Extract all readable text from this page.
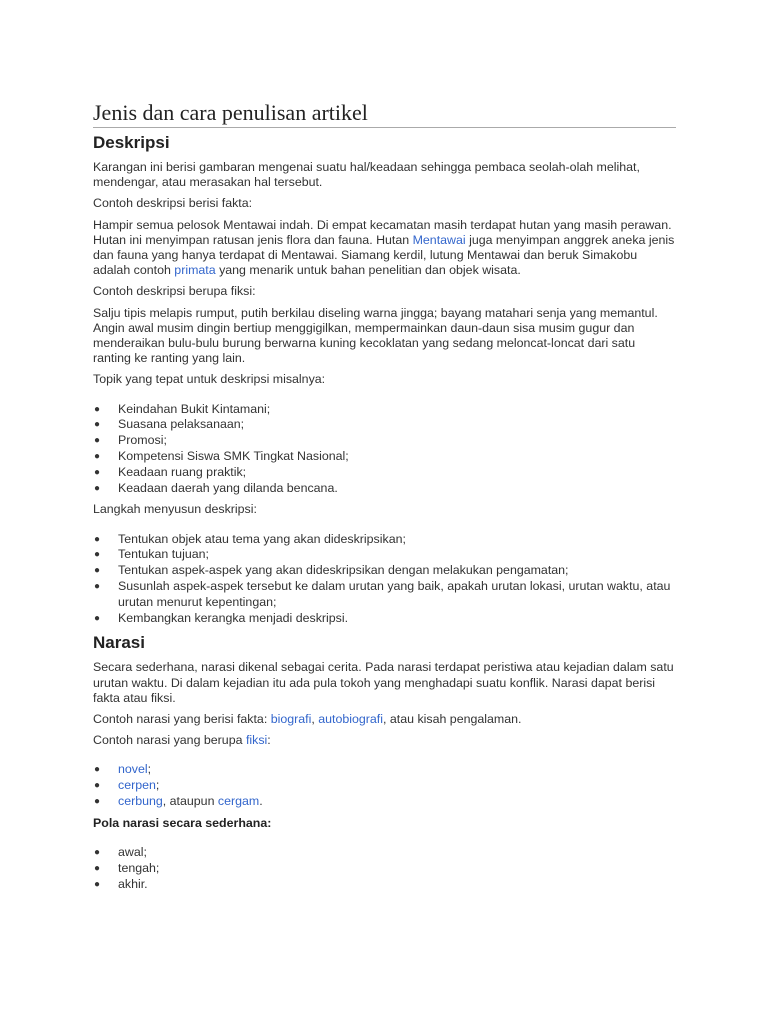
Jenis dan cara penulisan artikel
Deskripsi

Karangan ini berisi gambaran mengenai suatu hal/keadaan sehingga pembaca seolah-olah melihat, mendengar, atau merasakan hal tersebut.

Contoh deskripsi berisi fakta:

Hampir semua pelosok Mentawai indah. Di empat kecamatan masih terdapat hutan yang masih perawan. Hutan ini menyimpan ratusan jenis flora dan fauna. Hutan Mentawai juga menyimpan anggrek aneka jenis dan fauna yang hanya terdapat di Mentawai. Siamang kerdil, lutung Mentawai dan beruk Simakobu adalah contoh primata yang menarik untuk bahan penelitian dan objek wisata.

Contoh deskripsi berupa fiksi:

Salju tipis melapis rumput, putih berkilau diseling warna jingga; bayang matahari senja yang memantul. Angin awal musim dingin bertiup menggigilkan, mempermainkan daun-daun sisa musim gugur dan menderaikan bulu-bulu burung berwarna kuning kecoklatan yang sedang meloncat-loncat dari satu ranting ke ranting yang lain.

Topik yang tepat untuk deskripsi misalnya:

● Keindahan Bukit Kintamani;
● Suasana pelaksanaan;
● Promosi;
● Kompetensi Siswa SMK Tingkat Nasional;
● Keadaan ruang praktik;
● Keadaan daerah yang dilanda bencana.

Langkah menyusun deskripsi:

● Tentukan objek atau tema yang akan dideskripsikan;
● Tentukan tujuan;
● Tentukan aspek-aspek yang akan dideskripsikan dengan melakukan pengamatan;
● Susunlah aspek-aspek tersebut ke dalam urutan yang baik, apakah urutan lokasi, urutan waktu, atau urutan menurut kepentingan;
● Kembangkan kerangka menjadi deskripsi.
Narasi

Secara sederhana, narasi dikenal sebagai cerita. Pada narasi terdapat peristiwa atau kejadian dalam satu urutan waktu. Di dalam kejadian itu ada pula tokoh yang menghadapi suatu konflik. Narasi dapat berisi fakta atau fiksi.

Contoh narasi yang berisi fakta: biografi, autobiografi, atau kisah pengalaman.

Contoh narasi yang berupa fiksi:

● novel;
● cerpen;
● cerbung, ataupun cergam.

Pola narasi secara sederhana:

● awal;
● tengah;
● akhir.
